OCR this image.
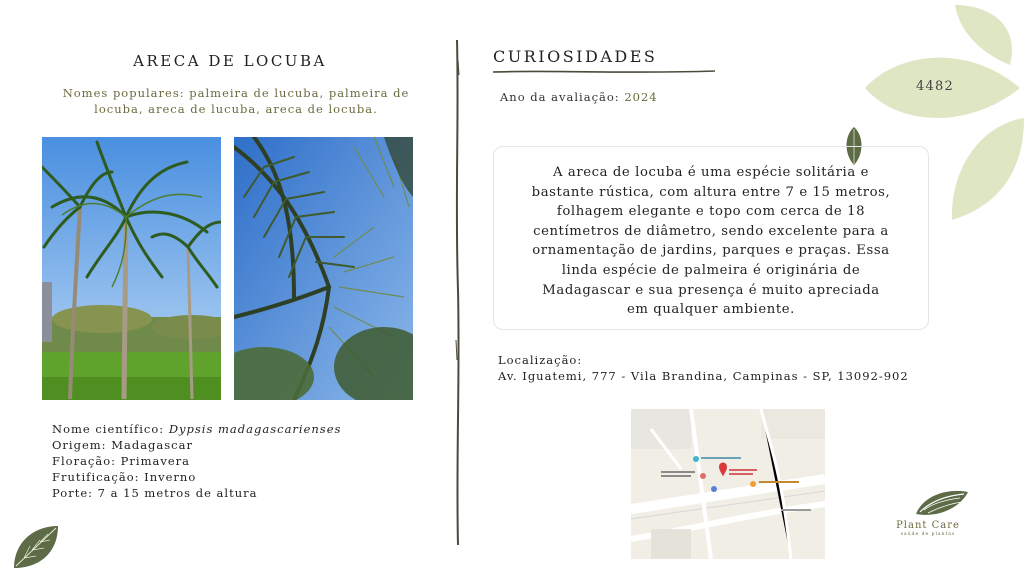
4482
ARECA DE LOCUBA
Nomes populares: palmeira de lucuba, palmeira de
locuba, areca de lucuba, areca de locuba.
Nome científico: Dypsis madagascarienses
Origem: Madagascar
Floração: Primavera
Frutificação: Inverno
Porte: 7 a 15 metros de altura
CURIOSIDADES
Ano da avaliação: 2024
A areca de locuba é uma espécie solitária e
bastante rústica, com altura entre 7 e 15 metros,
folhagem elegante e topo com cerca de 18
centímetros de diâmetro, sendo excelente para a
ornamentação de jardins, parques e praças. Essa
linda espécie de palmeira é originária de
Madagascar e sua presença é muito apreciada
em qualquer ambiente.
Localização:
Av. Iguatemi, 777 - Vila Brandina, Campinas - SP, 13092-902
Plant Care
saúde de plantas
